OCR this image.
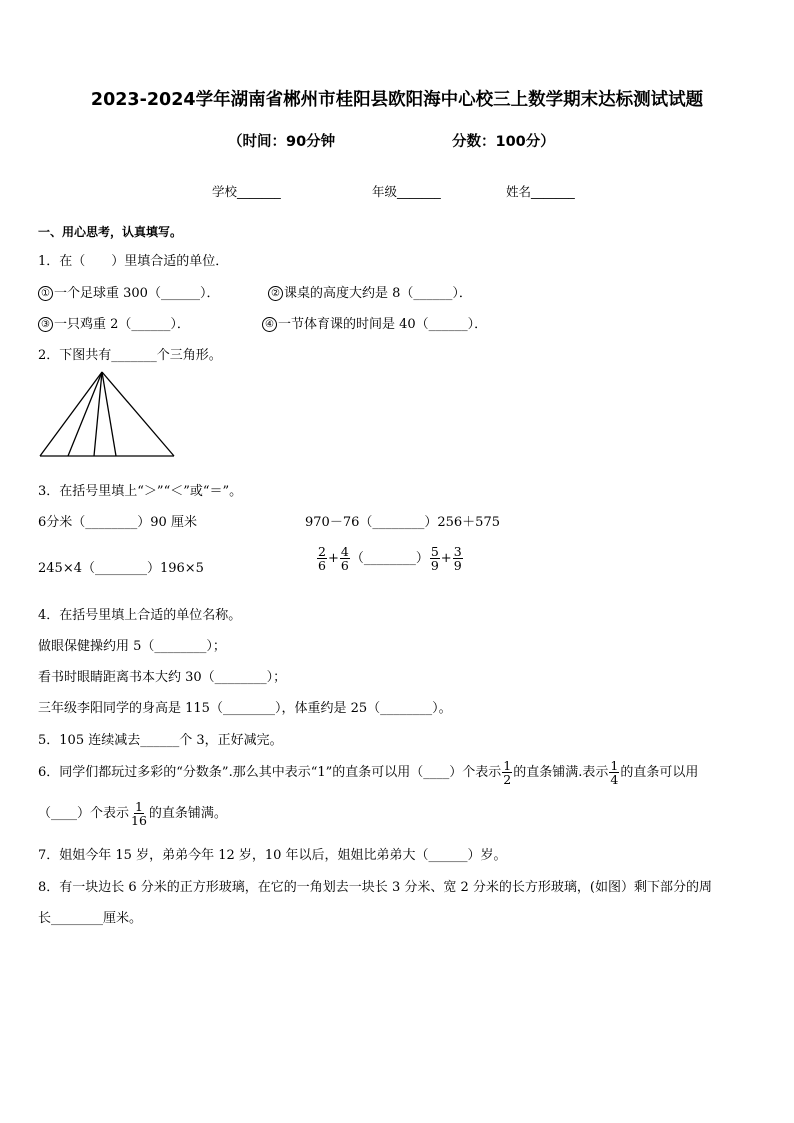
2023-2024学年湖南省郴州市桂阳县欧阳海中心校三上数学期末达标测试试题
（时间：90分钟	分数：100分）
学校_______	年级_______	姓名_______
一、用心思考，认真填写。
1．在（　　）里填合适的单位．
① 一个足球重 300（______）．	② 课桌的高度大约是 8（______）．
③ 一只鸡重 2（______）．	④ 一节体育课的时间是 40（______）．
2．下图共有_______个三角形。
3．在括号里填上“＞”“＜”或“＝”。
6分米（________）90 厘米	970－76（________）256＋575
245×4（________）196×5	$\frac{2}{6} + \frac{4}{6}$ （________） $\frac{5}{9} + \frac{3}{9}$
4．在括号里填上合适的单位名称。
做眼保健操约用 5（________）；
看书时眼睛距离书本大约 30（________）；
三年级李阳同学的身高是 115（________），体重约是 25（________）。
5．105 连续减去______个 3，正好减完。
6．同学们都玩过多彩的“分数条”.那么其中表示“1”的直条可以用（____）个表示 $\frac{1}{2}$ 的直条铺满.表示 $\frac{1}{4}$ 的直条可以用
（____）个表示 $\frac{1}{16}$ 的直条铺满。
7．姐姐今年 15 岁，弟弟今年 12 岁，10 年以后，姐姐比弟弟大（______）岁。
8．有一块边长 6 分米的正方形玻璃，在它的一角划去一块长 3 分米、宽 2 分米的长方形玻璃，(如图）剩下部分的周
长________厘米。
